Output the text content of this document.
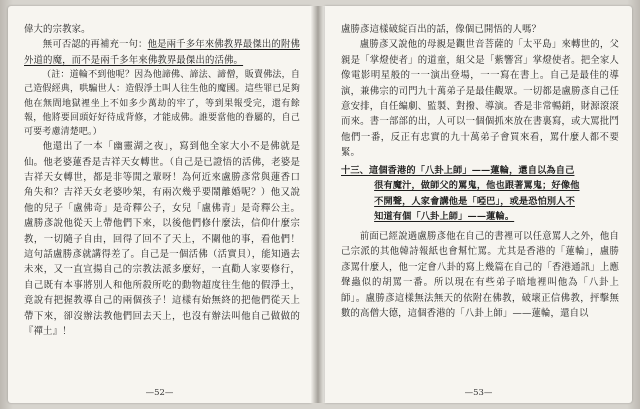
偉大的宗教家。

無可否認的再補充一句：他是兩千多年來佛教界最傑出的附佛外道的魔，而不是兩千多年來佛教界最傑出的活佛。

（註：道輪不到他呢？因為他諦佛、諦法、諦僧，販賣佛法，自己造假經典，哄騙世人：造假淨土叫人往生他的魔國。這些罪已足夠他在無間地獄裡坐上不如多少萬劫的牢了，等到果報受完，還有餘報，他將要回頭好好待成背修，才能成佛。誰要當他的眷屬的，自己可要考慮清楚吧。）

他還出了一本「幽靈湖之夜」，寫到他全家大小不是佛就是仙。他老婆蓮香是吉祥天女轉世。（自己是已證悟的活佛，老婆是吉祥天女轉世，都是非等閒之輩呀！為何近來盧勝彥常與蓮香口角失和？吉祥天女老婆吵架，有兩次幾乎要鬧離婚呢？）他又說他的兒子「盧佛奇」是奇釋公子，女兒「盧佛青」是奇釋公主。盧勝彥說他從天上帶他們下來，以後他們修什麼法，信仰什麼宗教，一切隨子自由，回得了回不了天上，不關他的事，看他們！這句話盧勝彥就講得差了。自己是一個活佛（活實貝），能知過去未來，又一直宣揚自己的宗教法派多麼好，一直勸人家要修行，自己既有本事將別人和他所殺所吃的動物超度往生他的假淨土，竟說有把握教導自己的兩個孩子！這樣有始無終的把他們從天上帶下來，卻沒辦法教他們回去天上，也沒有辦法叫他自己做做的『禪土』！

—52—

盧勝彥這樣破綻百出的話，像個已開悟的人嗎？

盧勝彥又說他的母親是觀世音菩薩的「太平島」來轉世的，父親是「掌燈使者」的道童，組父是「紫響宮」掌燈使者。把全家人像電影明星般的一一演出登場，一一寫在書上。自己是最佳的導演，兼佛宗的司門九十萬弟子是最佳觀眾。一切都是盧勝彥自己任意安排，自任編劇、監製、對撥、導演。香是非常暢銷，財源滾滾而來。書一部部的出，人可以一個個抓來放在書裏寫，或大罵批鬥他們一番，反正有忠實的九十萬弟子會買來看，罵什麼人都不要緊。

十三、這個香港的「八卦上師」——蓮輪，還自以為自己
很有魔汁，做師父的罵鬼，他也跟著罵鬼；好像他
不開聲，人家會講他是「啞巴」，或是恐怕別人不
知道有個「八卦上師」——蓮輪。

前面已經說過盧勝彥他在自己的書裡可以任意罵人之外，他自己宗派的其他韓詩報紙也會幫忙罵。尤其是香港的「蓮輪」，盧勝彥罵什麼人，他一定會八卦的寫上幾篇在自己的「香港通訊」上應聲蟲似的胡罵一番。所以現在有些弟子暗地裡叫他為「八卦上師」。盧勝彥這樣無法無天的依附在佛教，破壞正信佛教，抨擊無數的高僧大德，這個香港的「八卦上師」——蓮輪，還自以

—53—
